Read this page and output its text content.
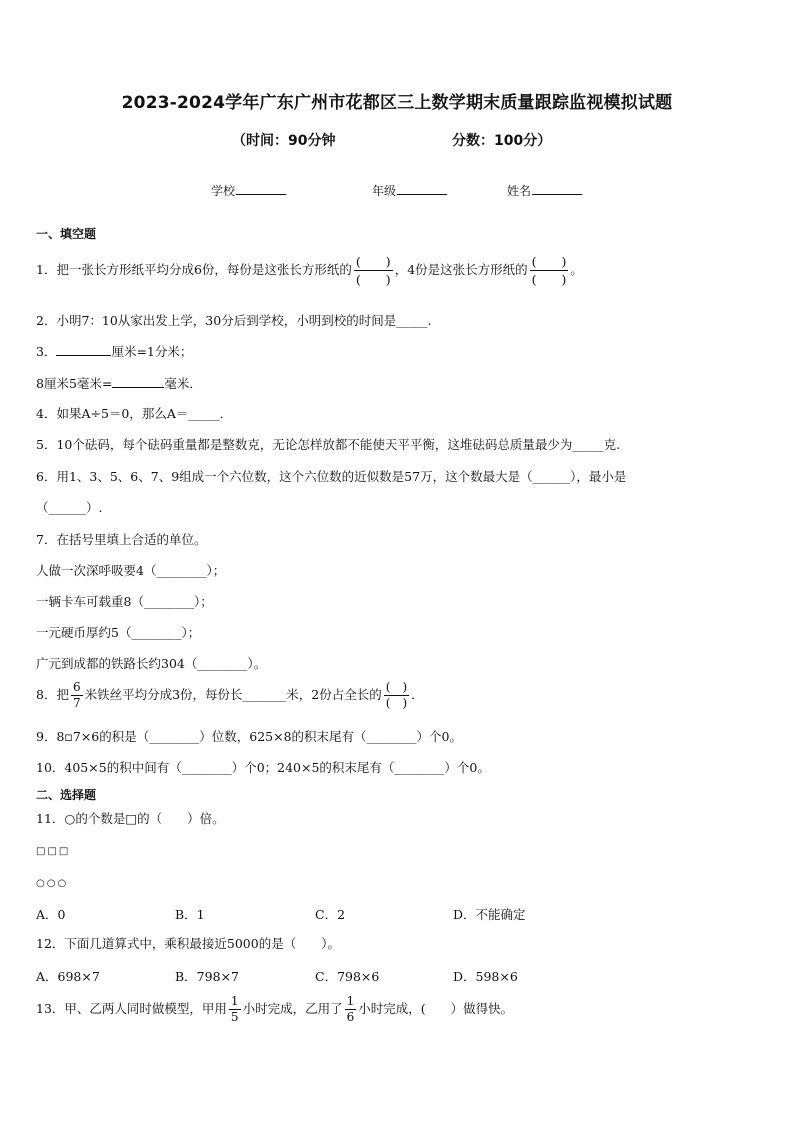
2023-2024学年广东广州市花都区三上数学期末质量跟踪监视模拟试题
（时间：90分钟	分数：100分）
学校	年级	姓名
一、填空题
1．把一张长方形纸平均分成6份，每份是这张长方形纸的 $\frac{( )}{( )}$ ，4份是这张长方形纸的 $\frac{( )}{( )}$ 。
2．小明7：10从家出发上学，30分后到学校，小明到校的时间是_____.
3．	厘米=1分米；
8厘米5毫米=	毫米．
4．如果A÷5＝0，那么A＝_____．
5．10个砝码，每个砝码重量都是整数克，无论怎样放都不能使天平平衡，这堆砝码总质量最少为_____克.
6．用1、3、5、6、7、9组成一个六位数，这个六位数的近似数是57万，这个数最大是（______），最小是
（______）.
7．在括号里填上合适的单位。
人做一次深呼吸要4（________）；
一辆卡车可载重8（________）；
一元硬币厚约5（________）；
广元到成都的铁路长约304（________）。
8．把 $\frac{6}{7}$ 米铁丝平均分成3份，每份长_______米，2份占全长的 $\frac{( )}{( )}$ ．
9．8▫7×6的积是（________）位数，625×8的积末尾有（________）个0。
10．405×5的积中间有（________）个0；240×5的积末尾有（________）个0。
二、选择题
11．○的个数是□的（　　）倍。
□□□
○○○
A．0	B．1	C．2	D．不能确定
12．下面几道算式中，乘积最接近5000的是（　　）。
A．698×7	B．798×7	C．798×6	D．598×6
13．甲、乙两人同时做模型，甲用 $\frac{1}{5}$ 小时完成，乙用了 $\frac{1}{6}$ 小时完成，(　　）做得快。
